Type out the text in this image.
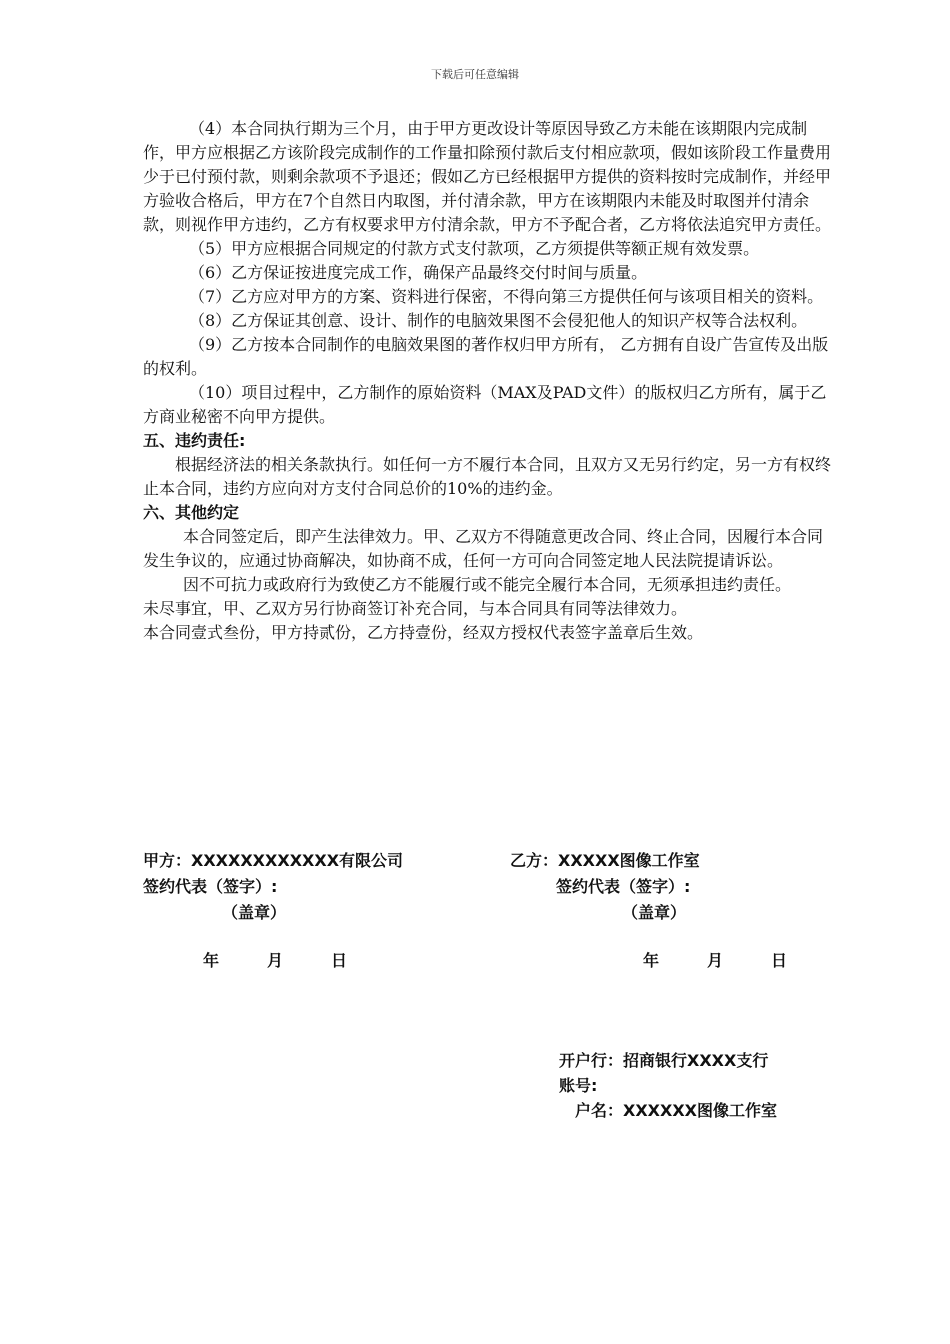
下载后可任意编辑

（4）本合同执行期为三个月，由于甲方更改设计等原因导致乙方未能在该期限内完成制作，甲方应根据乙方该阶段完成制作的工作量扣除预付款后支付相应款项，假如该阶段工作量费用少于已付预付款，则剩余款项不予退还；假如乙方已经根据甲方提供的资料按时完成制作，并经甲方验收合格后，甲方在7个自然日内取图，并付清余款，甲方在该期限内未能及时取图并付清余款，则视作甲方违约，乙方有权要求甲方付清余款，甲方不予配合者，乙方将依法追究甲方责任。

（5）甲方应根据合同规定的付款方式支付款项，乙方须提供等额正规有效发票。

（6）乙方保证按进度完成工作，确保产品最终交付时间与质量。

（7）乙方应对甲方的方案、资料进行保密，不得向第三方提供任何与该项目相关的资料。

（8）乙方保证其创意、设计、制作的电脑效果图不会侵犯他人的知识产权等合法权利。

（9）乙方按本合同制作的电脑效果图的著作权归甲方所有， 乙方拥有自设广告宣传及出版的权利。

（10）项目过程中，乙方制作的原始资料（MAX及PAD文件）的版权归乙方所有，属于乙方商业秘密不向甲方提供。

五、违约责任:

根据经济法的相关条款执行。如任何一方不履行本合同，且双方又无另行约定，另一方有权终止本合同，违约方应向对方支付合同总价的10%的违约金。

六、其他约定

本合同签定后，即产生法律效力。甲、乙双方不得随意更改合同、终止合同，因履行本合同发生争议的，应通过协商解决，如协商不成，任何一方可向合同签定地人民法院提请诉讼。

因不可抗力或政府行为致使乙方不能履行或不能完全履行本合同，无须承担违约责任。

未尽事宜，甲、乙双方另行协商签订补充合同，与本合同具有同等法律效力。

本合同壹式叁份，甲方持贰份，乙方持壹份，经双方授权代表签字盖章后生效。

甲方：XXXXXXXXXXXX有限公司
签约代表（签字）:
（盖章）
年　　　月　　　日
乙方：XXXXX图像工作室
签约代表（签字）:
（盖章）
年　　　月　　　日
开户行：招商银行XXXX支行
账号:
户名：XXXXXX图像工作室
